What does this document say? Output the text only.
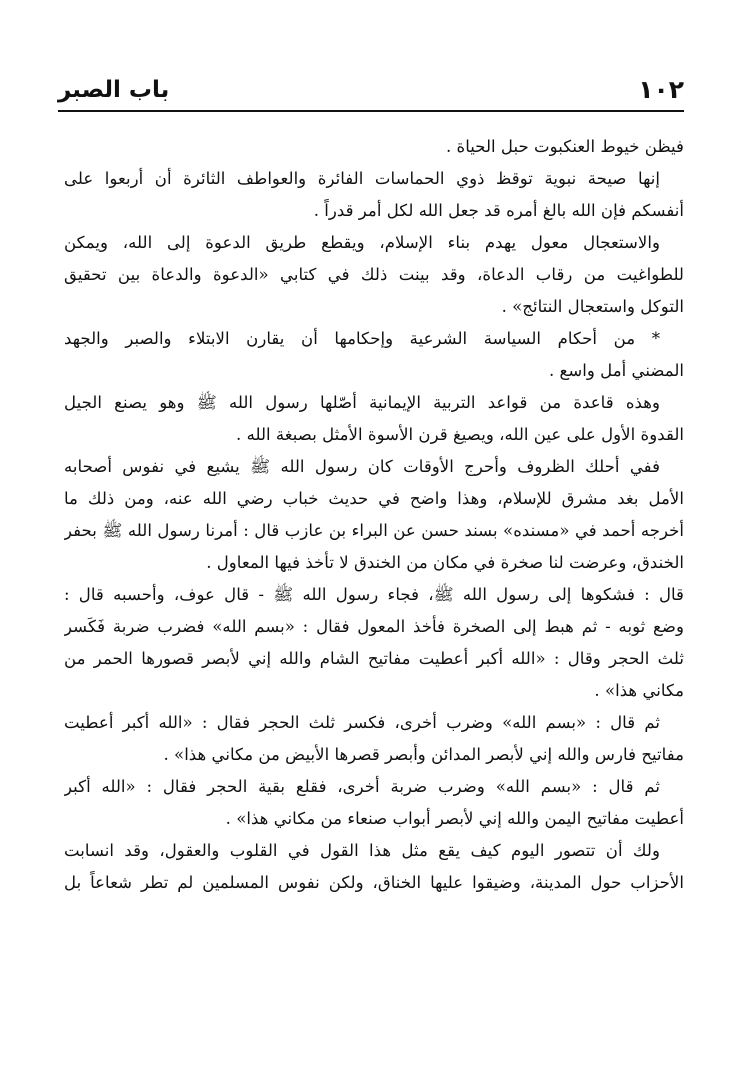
١٠٢
باب الصبر
فيظن خيوط العنكبوت حبل الحياة .
إنها صيحة نبوية توقظ ذوي الحماسات الفائرة والعواطف الثائرة أن أربعوا على
أنفسكم فإن الله بالغ أمره قد جعل الله لكل أمر قدراً .
والاستعجال معول يهدم بناء الإسلام، ويقطع طريق الدعوة إلى الله، ويمكن
للطواغيت من رقاب الدعاة، وقد بينت ذلك في كتابي «الدعوة والدعاة بين تحقيق
التوكل واستعجال النتائج» .
* من أحكام السياسة الشرعية وإحكامها أن يقارن الابتلاء والصبر والجهد
المضني أمل واسع .
وهذه قاعدة من قواعد التربية الإيمانية أصّلها رسول الله ﷺ وهو يصنع الجيل
القدوة الأول على عين الله، ويصيغ قرن الأسوة الأمثل بصبغة الله .
ففي أحلك الظروف وأحرج الأوقات كان رسول الله ﷺ يشيع في نفوس أصحابه
الأمل بغد مشرق للإسلام، وهذا واضح في حديث خباب رضي الله عنه، ومن ذلك ما
أخرجه أحمد في «مسنده» بسند حسن عن البراء بن عازب قال : أمرنا رسول الله ﷺ بحفر
الخندق، وعرضت لنا صخرة في مكان من الخندق لا تأخذ فيها المعاول .
قال : فشكوها إلى رسول الله ﷺ، فجاء رسول الله ﷺ - قال عوف، وأحسبه قال :
وضع ثوبه - ثم هبط إلى الصخرة فأخذ المعول فقال : «بسم الله» فضرب ضربة فَكَسر
ثلث الحجر وقال : «الله أكبر أعطيت مفاتيح الشام والله إني لأبصر قصورها الحمر من
مكاني هذا» .
ثم قال : «بسم الله» وضرب أخرى، فكسر ثلث الحجر فقال : «الله أكبر أعطيت
مفاتيح فارس والله إني لأبصر المدائن وأبصر قصرها الأبيض من مكاني هذا» .
ثم قال : «بسم الله» وضرب ضربة أخرى، فقلع بقية الحجر فقال : «الله أكبر
أعطيت مفاتيح اليمن والله إني لأبصر أبواب صنعاء من مكاني هذا» .
ولك أن تتصور اليوم كيف يقع مثل هذا القول في القلوب والعقول، وقد انسابت
الأحزاب حول المدينة، وضيقوا عليها الخناق، ولكن نفوس المسلمين لم تطر شعاعاً بل
